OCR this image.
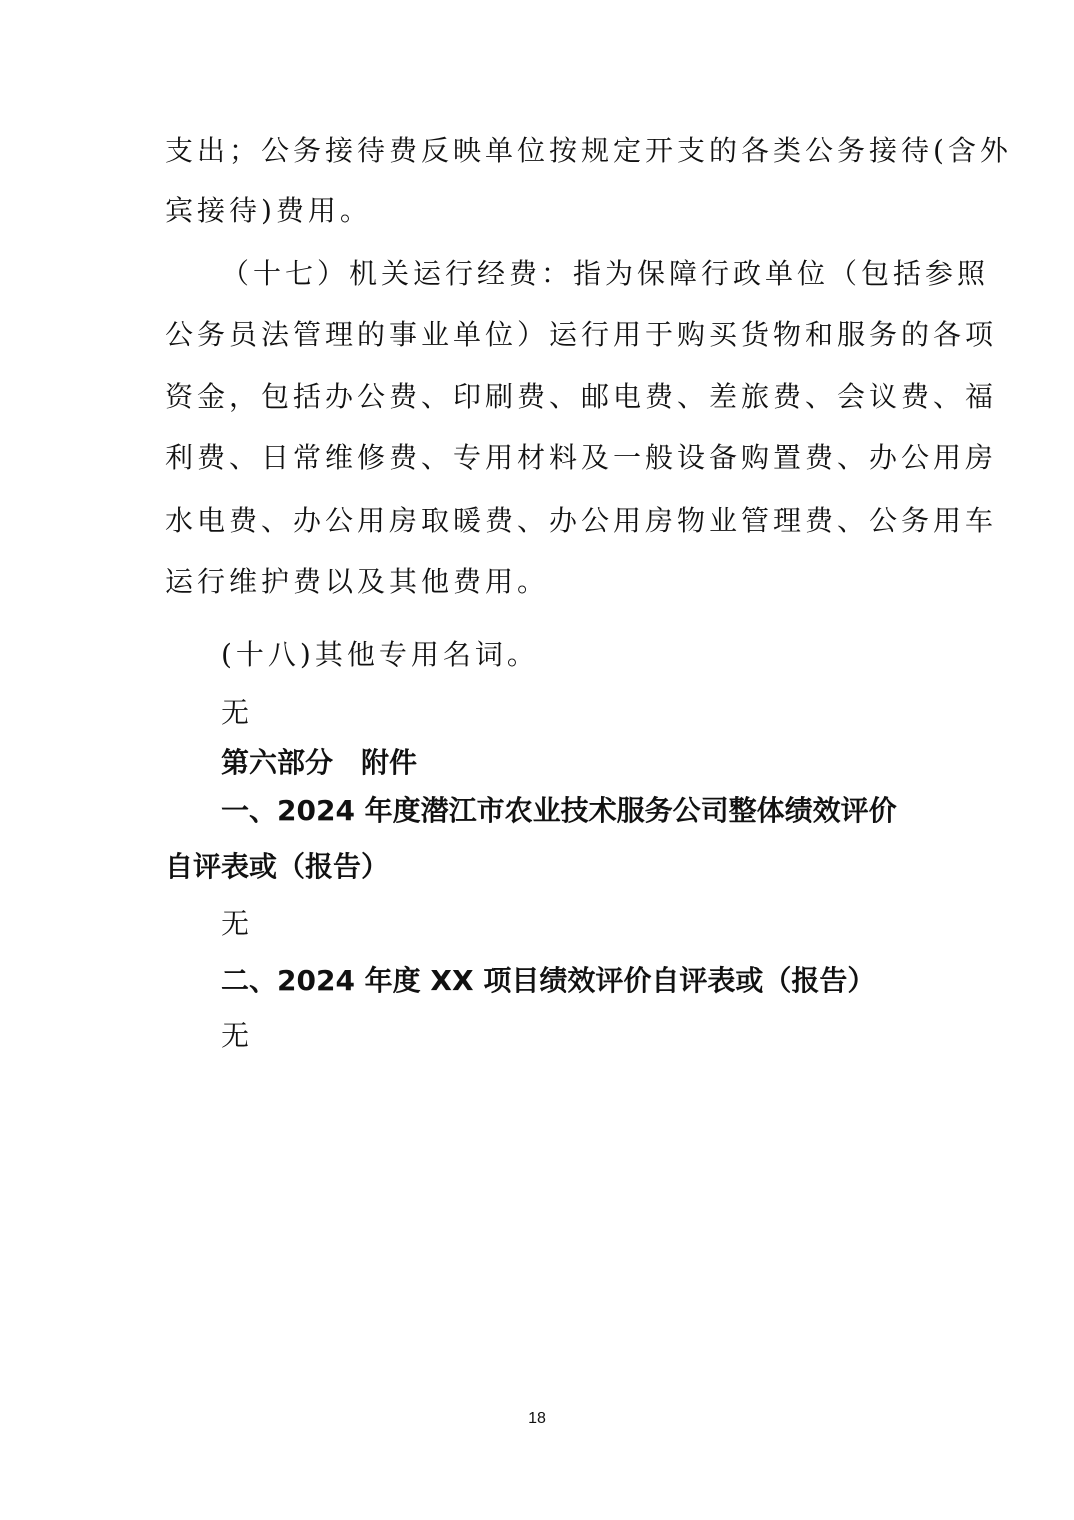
支出；公务接待费反映单位按规定开支的各类公务接待(含外
宾接待)费用。
（十七）机关运行经费：指为保障行政单位（包括参照
公务员法管理的事业单位）运行用于购买货物和服务的各项
资金，包括办公费、印刷费、邮电费、差旅费、会议费、福
利费、日常维修费、专用材料及一般设备购置费、办公用房
水电费、办公用房取暖费、办公用房物业管理费、公务用车
运行维护费以及其他费用。
(十八)其他专用名词。
无
第六部分　附件
一、2024 年度潜江市农业技术服务公司整体绩效评价
自评表或（报告）
无
二、2024 年度 XX 项目绩效评价自评表或（报告）
无
18
